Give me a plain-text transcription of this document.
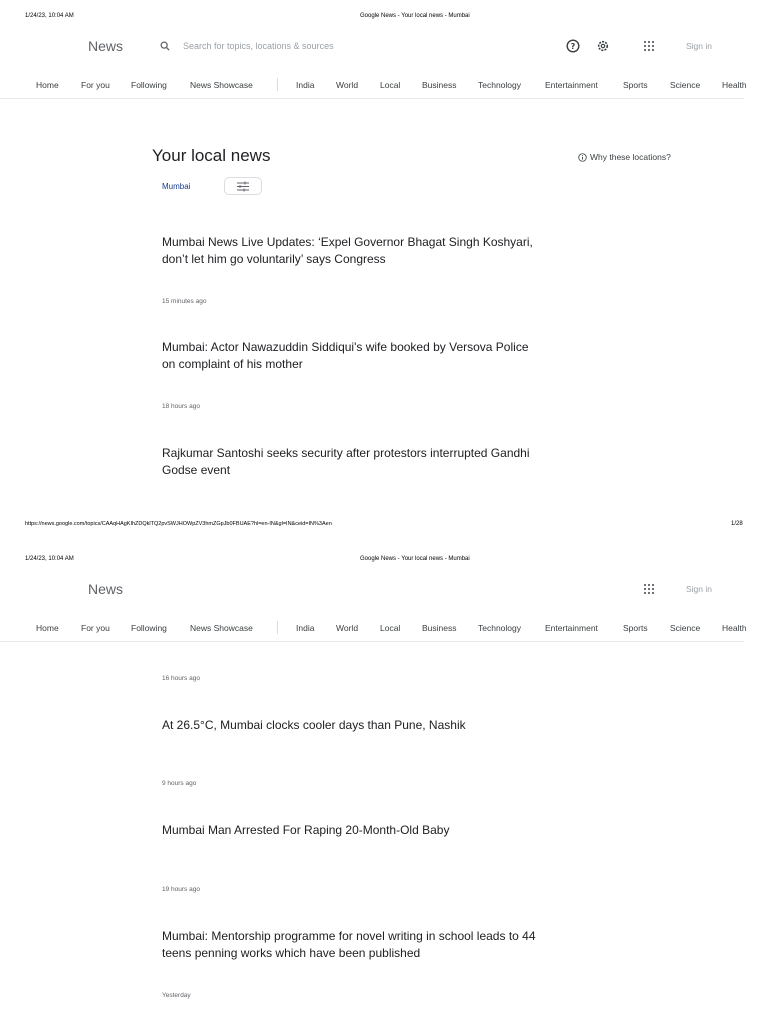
1/24/23, 10:04 AM	Google News - Your local news - Mumbai
News	Search for topics, locations & sources	?	Sign in
Home	For you Following	News Showcase	India	World	Local	Business	Technology	Entertainment	Sports	Science	Health
Your local news	Why these locations?
Mumbai
Mumbai News Live Updates: ‘Expel Governor Bhagat Singh Koshyari, don’t let him go voluntarily’ says Congress
15 minutes ago
Mumbai: Actor Nawazuddin Siddiqui's wife booked by Versova Police on complaint of his mother
18 hours ago
Rajkumar Santoshi seeks security after protestors interrupted Gandhi Godse event
https://news.google.com/topics/CAAqHAgKIhZDQklTQ2pvSWJHOWpZV3hmZGpJb0FBUAE?hl=en-IN&gl=IN&ceid=IN%3Aen	1/28
1/24/23, 10:04 AM	Google News - Your local news - Mumbai
News	Sign in
Home	For you Following	News Showcase	India	World	Local	Business	Technology	Entertainment	Sports	Science	Health
16 hours ago
At 26.5°C, Mumbai clocks cooler days than Pune, Nashik
9 hours ago
Mumbai Man Arrested For Raping 20-Month-Old Baby
19 hours ago
Mumbai: Mentorship programme for novel writing in school leads to 44 teens penning works which have been published
Yesterday
